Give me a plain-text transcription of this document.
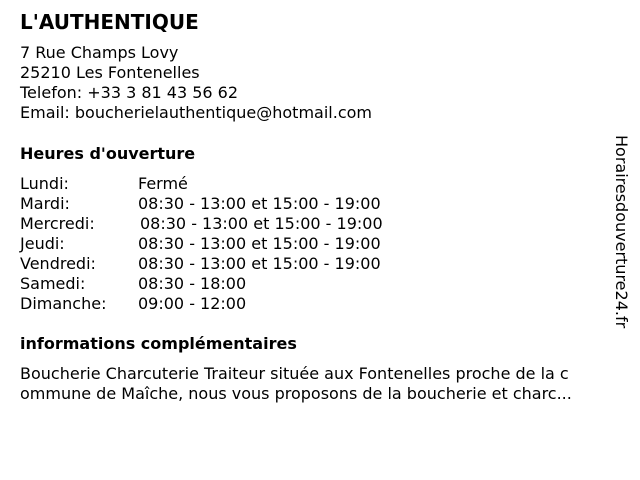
L'AUTHENTIQUE
7 Rue Champs Lovy
25210 Les Fontenelles
Telefon: +33 3 81 43 56 62
Email: boucherielauthentique@hotmail.com
Heures d'ouverture
Lundi:	Fermé
Mardi:	08:30 - 13:00 et 15:00 - 19:00
Mercredi:	08:30 - 13:00 et 15:00 - 19:00
Jeudi:	08:30 - 13:00 et 15:00 - 19:00
Vendredi:	08:30 - 13:00 et 15:00 - 19:00
Samedi:	08:30 - 18:00
Dimanche: 09:00 - 12:00
informations complémentaires
Boucherie Charcuterie Traiteur située aux Fontenelles proche de la c
ommune de Maîche, nous vous proposons de la boucherie et charc...
Horairesdouverture24.fr
